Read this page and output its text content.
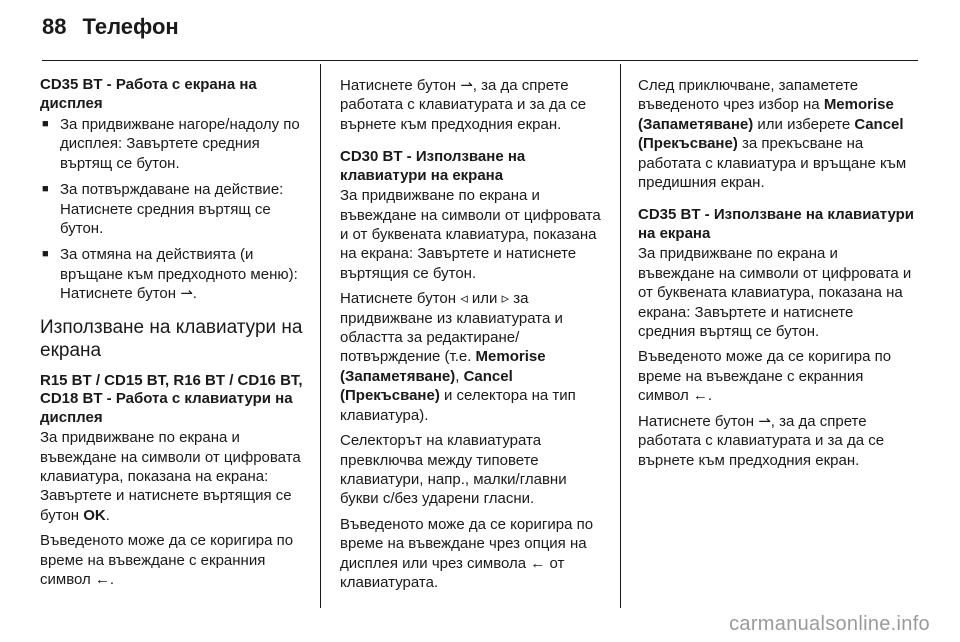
88 Телефон
CD35 BT - Работа с екрана на дисплея
■ За придвижване нагоре/надолу по дисплея: Завъртете средния въртящ се бутон.
■ За потвърждаване на действие: Натиснете средния въртящ се бутон.
■ За отмяна на действията (и връщане към предходното меню): Натиснете бутон ⇀.
Използване на клавиатури на екрана
R15 BT / CD15 BT, R16 BT / CD16 BT, CD18 BT - Работа с клавиатури на дисплея

За придвижване по екрана и въвеждане на символи от цифровата клавиатура, показана на екрана: Завъртете и натиснете въртящия се бутон OK.

Въведеното може да се коригира по време на въвеждане с екранния символ ←.

Натиснете бутон ⇀, за да спрете работата с клавиатурата и за да се върнете към предходния екран.

CD30 BT - Използване на клавиатури на екрана

За придвижване по екрана и въвеждане на символи от цифровата и от буквената клавиатура, показана на екрана: Завъртете и натиснете въртящия се бутон.

Натиснете бутон ◃ или ▹ за придвижване из клавиатурата и областта за редактиране/потвърждение (т.е. Memorise (Запаметяване), Cancel (Прекъсване) и селектора на тип клавиатура).

Селекторът на клавиатурата превключва между типовете клавиатури, напр., малки/главни букви с/без ударени гласни.

Въведеното може да се коригира по време на въвеждане чрез опция на дисплея или чрез символа ← от клавиатурата.

След приключване, запаметете въведеното чрез избор на Memorise (Запаметяване) или изберете Cancel (Прекъсване) за прекъсване на работата с клавиатура и връщане към предишния екран.

CD35 BT - Използване на клавиатури на екрана

За придвижване по екрана и въвеждане на символи от цифровата и от буквената клавиатура, показана на екрана: Завъртете и натиснете средния въртящ се бутон.

Въведеното може да се коригира по време на въвеждане с екранния символ ←.

Натиснете бутон ⇀, за да спрете работата с клавиатурата и за да се върнете към предходния екран.

carmanualsonline.info
